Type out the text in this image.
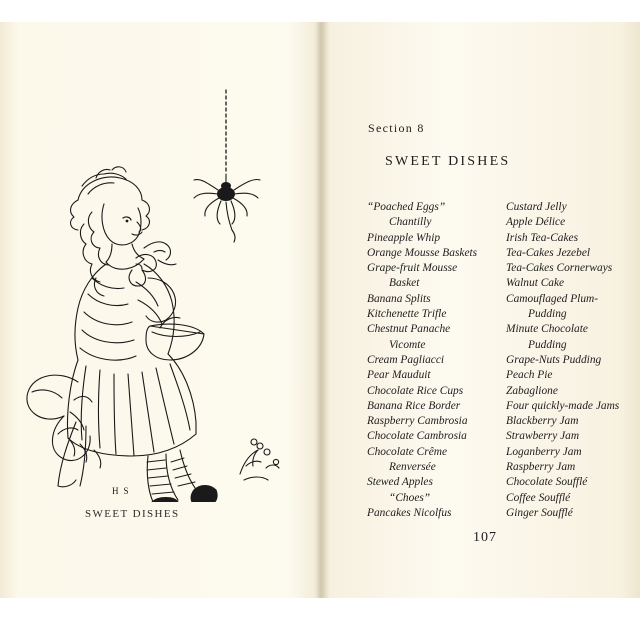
H S
SWEET DISHES
Section 8
SWEET DISHES
“Poached Eggs”
Chantilly
Pineapple Whip
Orange Mousse Baskets
Grape-fruit Mousse
Basket
Banana Splits
Kitchenette Trifle
Chestnut Panache
Vicomte
Cream Pagliacci
Pear Mauduit
Chocolate Rice Cups
Banana Rice Border
Raspberry Cambrosia
Chocolate Cambrosia
Chocolate Crême
Renversée
Stewed Apples
“Choes”
Pancakes Nicolfus
Custard Jelly
Apple Délice
Irish Tea-Cakes
Tea-Cakes Jezebel
Tea-Cakes Cornerways
Walnut Cake
Camouflaged Plum-
Pudding
Minute Chocolate
Pudding
Grape-Nuts Pudding
Peach Pie
Zabaglione
Four quickly-made Jams
Blackberry Jam
Strawberry Jam
Loganberry Jam
Raspberry Jam
Chocolate Soufflé
Coffee Soufflé
Ginger Soufflé
107
